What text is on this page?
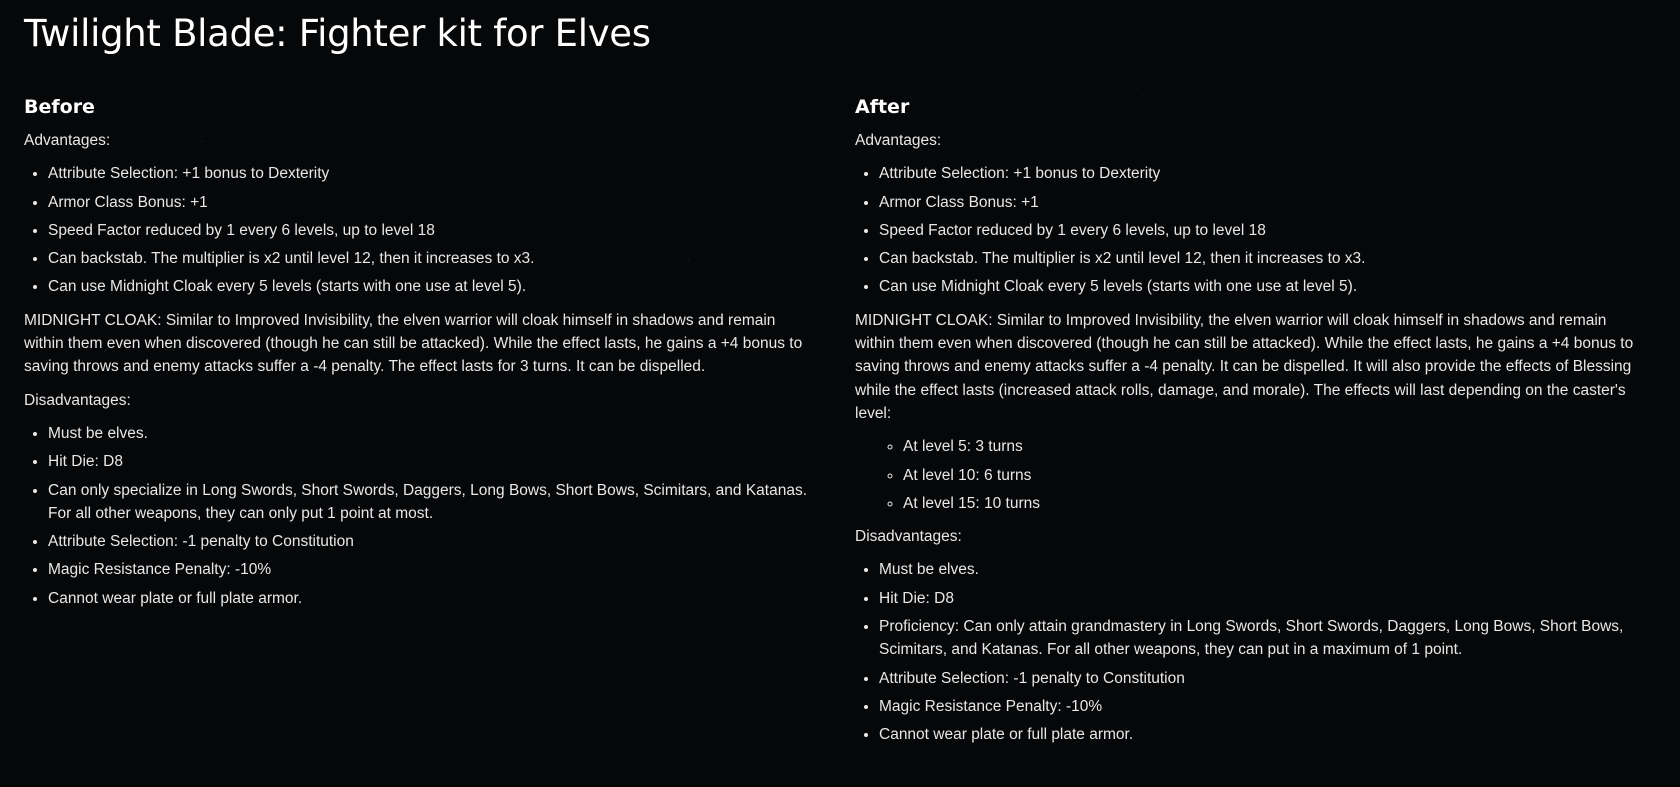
Twilight Blade: Fighter kit for Elves
Before

Advantages:

• Attribute Selection: +1 bonus to Dexterity
• Armor Class Bonus: +1
• Speed Factor reduced by 1 every 6 levels, up to level 18
• Can backstab. The multiplier is x2 until level 12, then it increases to x3.
• Can use Midnight Cloak every 5 levels (starts with one use at level 5).

MIDNIGHT CLOAK: Similar to Improved Invisibility, the elven warrior will cloak himself in shadows and remain within them even when discovered (though he can still be attacked). While the effect lasts, he gains a +4 bonus to saving throws and enemy attacks suffer a -4 penalty. The effect lasts for 3 turns. It can be dispelled.

Disadvantages:

• Must be elves.
• Hit Die: D8
• Can only specialize in Long Swords, Short Swords, Daggers, Long Bows, Short Bows, Scimitars, and Katanas. For all other weapons, they can only put 1 point at most.
• Attribute Selection: -1 penalty to Constitution
• Magic Resistance Penalty: -10%
• Cannot wear plate or full plate armor.
After

Advantages:

• Attribute Selection: +1 bonus to Dexterity
• Armor Class Bonus: +1
• Speed Factor reduced by 1 every 6 levels, up to level 18
• Can backstab. The multiplier is x2 until level 12, then it increases to x3.
• Can use Midnight Cloak every 5 levels (starts with one use at level 5).

MIDNIGHT CLOAK: Similar to Improved Invisibility, the elven warrior will cloak himself in shadows and remain within them even when discovered (though he can still be attacked). While the effect lasts, he gains a +4 bonus to saving throws and enemy attacks suffer a -4 penalty. It can be dispelled. It will also provide the effects of Blessing while the effect lasts (increased attack rolls, damage, and morale). The effects will last depending on the caster's level:

◦ At level 5: 3 turns
◦ At level 10: 6 turns
◦ At level 15: 10 turns

Disadvantages:

• Must be elves.
• Hit Die: D8
• Proficiency: Can only attain grandmastery in Long Swords, Short Swords, Daggers, Long Bows, Short Bows, Scimitars, and Katanas. For all other weapons, they can put in a maximum of 1 point.
• Attribute Selection: -1 penalty to Constitution
• Magic Resistance Penalty: -10%
• Cannot wear plate or full plate armor.
